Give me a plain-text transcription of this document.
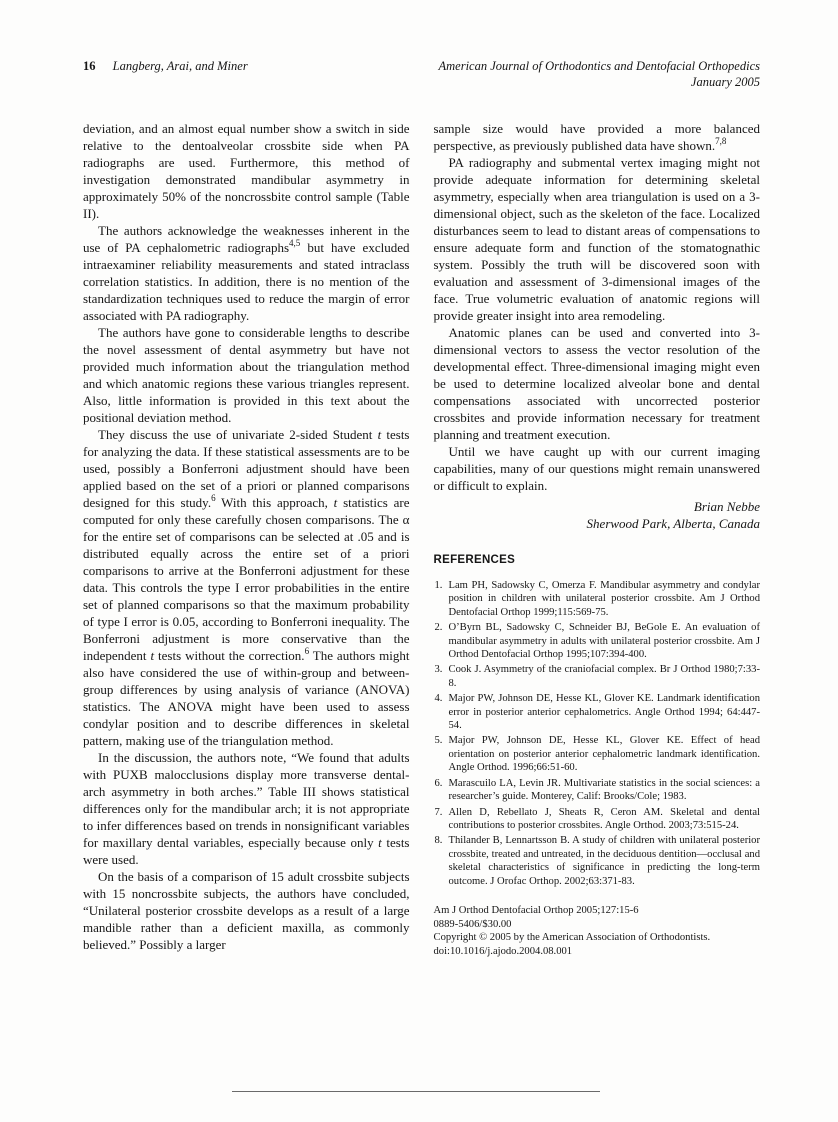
16 Langberg, Arai, and Miner	American Journal of Orthodontics and Dentofacial Orthopedics
January 2005

deviation, and an almost equal number show a switch in side relative to the dentoalveolar crossbite side when PA radiographs are used. Furthermore, this method of investigation demonstrated mandibular asymmetry in approximately 50% of the noncrossbite control sample (Table II).

The authors acknowledge the weaknesses inherent in the use of PA cephalometric radiographs$^{4,5}$ but have excluded intraexaminer reliability measurements and stated intraclass correlation statistics. In addition, there is no mention of the standardization techniques used to reduce the margin of error associated with PA radiography.

The authors have gone to considerable lengths to describe the novel assessment of dental asymmetry but have not provided much information about the triangulation method and which anatomic regions these various triangles represent. Also, little information is provided in this text about the positional deviation method.

They discuss the use of univariate 2-sided Student t tests for analyzing the data. If these statistical assessments are to be used, possibly a Bonferroni adjustment should have been applied based on the set of a priori or planned comparisons designed for this study.$^6$ With this approach, t statistics are computed for only these carefully chosen comparisons. The α for the entire set of comparisons can be selected at .05 and is distributed equally across the entire set of a priori comparisons to arrive at the Bonferroni adjustment for these data. This controls the type I error probabilities in the entire set of planned comparisons so that the maximum probability of type I error is 0.05, according to Bonferroni inequality. The Bonferroni adjustment is more conservative than the independent t tests without the correction.$^6$ The authors might also have considered the use of within-group and between-group differences by using analysis of variance (ANOVA) statistics. The ANOVA might have been used to assess condylar position and to describe differences in skeletal pattern, making use of the triangulation method.

In the discussion, the authors note, “We found that adults with PUXB malocclusions display more transverse dental-arch asymmetry in both arches.” Table III shows statistical differences only for the mandibular arch; it is not appropriate to infer differences based on trends in nonsignificant variables for maxillary dental variables, especially because only t tests were used.

On the basis of a comparison of 15 adult crossbite subjects with 15 noncrossbite subjects, the authors have concluded, “Unilateral posterior crossbite develops as a result of a large mandible rather than a deficient maxilla, as commonly believed.” Possibly a larger

sample size would have provided a more balanced perspective, as previously published data have shown.$^{7,8}$

PA radiography and submental vertex imaging might not provide adequate information for determining skeletal asymmetry, especially when area triangulation is used on a 3-dimensional object, such as the skeleton of the face. Localized disturbances seem to lead to distant areas of compensations to ensure adequate form and function of the stomatognathic system. Possibly the truth will be discovered soon with evaluation and assessment of 3-dimensional images of the face. True volumetric evaluation of anatomic regions will provide greater insight into area remodeling.

Anatomic planes can be used and converted into 3-dimensional vectors to assess the vector resolution of the developmental effect. Three-dimensional imaging might even be used to determine localized alveolar bone and dental compensations associated with uncorrected posterior crossbites and provide information necessary for treatment planning and treatment execution.

Until we have caught up with our current imaging capabilities, many of our questions might remain unanswered or difficult to explain.

Brian Nebbe
Sherwood Park, Alberta, Canada
REFERENCES
1. Lam PH, Sadowsky C, Omerza F. Mandibular asymmetry and condylar position in children with unilateral posterior crossbite. Am J Orthod Dentofacial Orthop 1999;115:569-75.
2. O’Byrn BL, Sadowsky C, Schneider BJ, BeGole E. An evaluation of mandibular asymmetry in adults with unilateral posterior crossbite. Am J Orthod Dentofacial Orthop 1995;107:394-400.
3. Cook J. Asymmetry of the craniofacial complex. Br J Orthod 1980;7:33-8.
4. Major PW, Johnson DE, Hesse KL, Glover KE. Landmark identification error in posterior anterior cephalometrics. Angle Orthod 1994; 64:447-54.
5. Major PW, Johnson DE, Hesse KL, Glover KE. Effect of head orientation on posterior anterior cephalometric landmark identification. Angle Orthod. 1996;66:51-60.
6. Marascuilo LA, Levin JR. Multivariate statistics in the social sciences: a researcher’s guide. Monterey, Calif: Brooks/Cole; 1983.
7. Allen D, Rebellato J, Sheats R, Ceron AM. Skeletal and dental contributions to posterior crossbites. Angle Orthod. 2003;73:515-24.
8. Thilander B, Lennartsson B. A study of children with unilateral posterior crossbite, treated and untreated, in the deciduous dentition—occlusal and skeletal characteristics of significance in predicting the long-term outcome. J Orofac Orthop. 2002;63:371-83.
Am J Orthod Dentofacial Orthop 2005;127:15-6
0889-5406/$30.00
Copyright © 2005 by the American Association of Orthodontists.
doi:10.1016/j.ajodo.2004.08.001
